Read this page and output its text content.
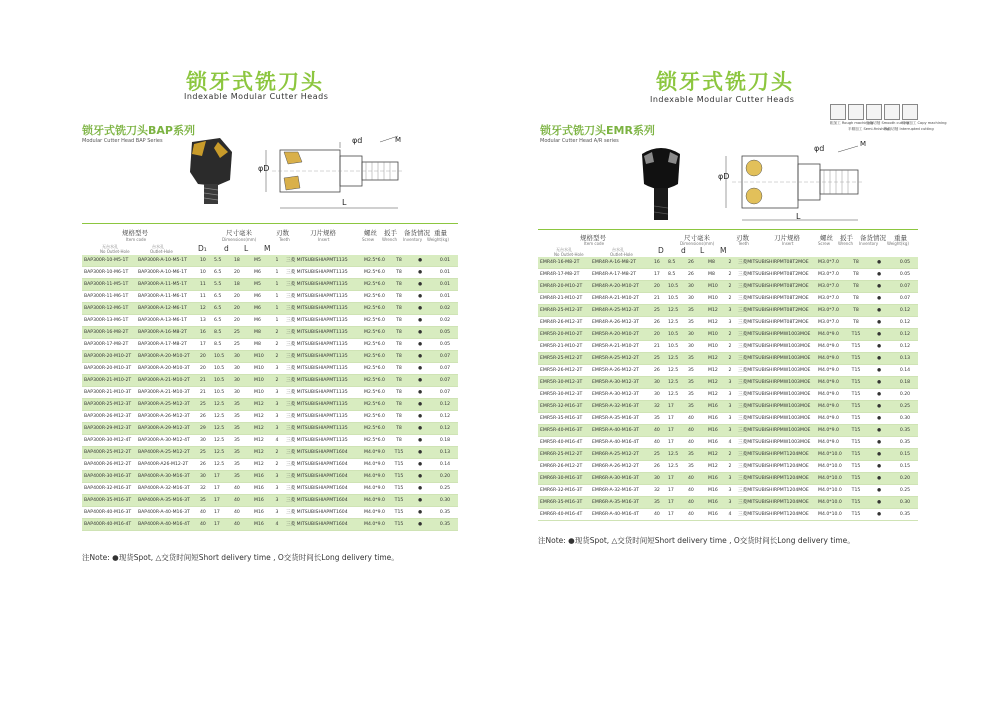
锁牙式铣刀头
Indexable Modular Cutter Heads
锁牙式铣刀头BAP系列
Modular Cutter Head BAP Series	φd	M
φD
L
规格型号
Item code
无台水孔
No Outlet-Hole
台水孔
Outlet-Hole
尺寸毫米
Dimensions(mm)
D₁ d L M
刃数
Teeth
刀片规格
Insert
螺丝
Screw
扳手
Wrench
备货情况
Inventory
重量
Weight(kg)
BAP300R-10-M5-1T	BAP300R-A-10-M5-1T	10	5.5	18	M5	1	三菱 MITSUBISHIAPMT1135	M2.5*6.0	T8	●	0.01
BAP300R-10-M6-1T	BAP300R-A-10-M6-1T	10	6.5	20	M6	1	三菱 MITSUBISHIAPMT1135	M2.5*6.0	T8	●	0.01
BAP300R-11-M5-1T	BAP300R-A-11-M5-1T	11	5.5	18	M5	1	三菱 MITSUBISHIAPMT1135	M2.5*6.0	T8	●	0.01
BAP300R-11-M6-1T	BAP300R-A-11-M6-1T	11	6.5	20	M6	1	三菱 MITSUBISHIAPMT1135	M2.5*6.0	T8	●	0.01
BAP300R-12-M6-1T	BAP300R-A-12-M6-1T	12	6.5	20	M6	1	三菱 MITSUBISHIAPMT1135	M2.5*6.0	T8	●	0.02
BAP300R-13-M6-1T	BAP300R-A-13-M6-1T	13	6.5	20	M6	1	三菱 MITSUBISHIAPMT1135	M2.5*6.0	T8	●	0.02
BAP300R-16-M8-2T	BAP300R-A-16-M8-2T	16	8.5	25	M8	2	三菱 MITSUBISHIAPMT1135	M2.5*6.0	T8	●	0.05
BAP300R-17-M8-2T	BAP300R-A-17-M8-2T	17	8.5	25	M8	2	三菱 MITSUBISHIAPMT1135	M2.5*6.0	T8	●	0.05
BAP300R-20-M10-2T	BAP300R-A-20-M10-2T	20	10.5	30	M10	2	三菱 MITSUBISHIAPMT1135	M2.5*6.0	T8	●	0.07
BAP300R-20-M10-3T	BAP300R-A-20-M10-3T	20	10.5	30	M10	3	三菱 MITSUBISHIAPMT1135	M2.5*6.0	T8	●	0.07
BAP300R-21-M10-2T	BAP300R-A-21-M10-2T	21	10.5	30	M10	2	三菱 MITSUBISHIAPMT1135	M2.5*6.0	T8	●	0.07
BAP300R-21-M10-3T	BAP300R-A-21-M10-3T	21	10.5	30	M10	3	三菱 MITSUBISHIAPMT1135	M2.5*6.0	T8	●	0.07
BAP300R-25-M12-3T	BAP300R-A-25-M12-3T	25	12.5	35	M12	3	三菱 MITSUBISHIAPMT1135	M2.5*6.0	T8	●	0.12
BAP300R-26-M12-3T	BAP300R-A-26-M12-3T	26	12.5	35	M12	3	三菱 MITSUBISHIAPMT1135	M2.5*6.0	T8	●	0.12
BAP300R-29-M12-3T	BAP300R-A-29-M12-3T	29	12.5	35	M12	3	三菱 MITSUBISHIAPMT1135	M2.5*6.0	T8	●	0.12
BAP300R-30-M12-4T	BAP300R-A-30-M12-4T	30	12.5	35	M12	4	三菱 MITSUBISHIAPMT1135	M2.5*6.0	T8	●	0.18
BAP400R-25-M12-2T	BAP400R-A-25-M12-2T	25	12.5	35	M12	2	三菱 MITSUBISHIAPMT1604	M4.0*9.0	T15	●	0.13
BAP400R-26-M12-2T	BAP400R-A26-M12-2T	26	12.5	35	M12	2	三菱 MITSUBISHIAPMT1604	M4.0*9.0	T15	●	0.14
BAP400R-30-M16-3T	BAP400R-A-30-M16-3T	30	17	35	M16	3	三菱 MITSUBISHIAPMT1604	M4.0*9.0	T15	●	0.20
BAP400R-32-M16-3T	BAP400R-A-32-M16-3T	32	17	40	M16	3	三菱 MITSUBISHIAPMT1604	M4.0*9.0	T15	●	0.25
BAP400R-35-M16-3T	BAP400R-A-35-M16-3T	35	17	40	M16	3	三菱 MITSUBISHIAPMT1604	M4.0*9.0	T15	●	0.30
BAP400R-40-M16-3T	BAP400R-A-40-M16-3T	40	17	40	M16	3	三菱 MITSUBISHIAPMT1604	M4.0*9.0	T15	●	0.35
BAP400R-40-M16-4T	BAP400R-A-40-M16-4T	40	17	40	M16	4	三菱 MITSUBISHIAPMT1604	M4.0*9.0	T15	●	0.35
注Note: ●现货Spot, △交货时间短Short delivery time , O交货时间长Long delivery time。
锁牙式铣刀头
Indexable Modular Cutter Heads
锁牙式铣刀头EMR系列
Modular Cutter Head A/R series
φd	M
φD
L
规格型号
Item code
无台水孔
No Outlet-Hole
台水孔
Outlet-Hole
尺寸毫米
Dimensions(mm)
D d L M
刃数
Teeth
刀片规格
Insert
螺丝
Screw
扳手
Wrench
备货情况
Inventory
重量
Weight(kg)
EMR4R-16-M8-2T	EMR4R-A-16-M8-2T	16	8.5	26	M8	2	三菱MITSUBISHIRPMT08T2MOE	M3.0*7.0	T8	●	0.05
EMR4R-17-M8-2T	EMR4R-A-17-M8-2T	17	8.5	26	M8	2	三菱MITSUBISHIRPMT08T2MOE	M3.0*7.0	T8	●	0.05
EMR4R-20-M10-2T	EMR4R-A-20-M10-2T	20	10.5	30	M10	2	三菱MITSUBISHIRPMT08T2MOE	M3.0*7.0	T8	●	0.07
EMR4R-21-M10-2T	EMR4R-A-21-M10-2T	21	10.5	30	M10	2	三菱MITSUBISHIRPMT08T2MOE	M3.0*7.0	T8	●	0.07
EMR4R-25-M12-3T	EMR4R-A-25-M12-3T	25	12.5	35	M12	3	三菱MITSUBISHIRPMT08T2MOE	M3.0*7.0	T8	●	0.12
EMR4R-26-M12-3T	EMR4R-A-26-M12-3T	26	12.5	35	M12	3	三菱MITSUBISHIRPMT08T2MOE	M3.0*7.0	T8	●	0.12
EMR5R-20-M10-2T	EMR5R-A-20-M10-2T	20	10.5	30	M10	2	三菱MITSUBISHIRPMW1003MOE	M4.0*9.0	T15	●	0.12
EMR5R-21-M10-2T	EMR5R-A-21-M10-2T	21	10.5	30	M10	2	三菱MITSUBISHIRPMW1003MOE	M4.0*9.0	T15	●	0.12
EMR5R-25-M12-2T	EMR5R-A-25-M12-2T	25	12.5	35	M12	2	三菱MITSUBISHIRPMW1003MOE	M4.0*9.0	T15	●	0.13
EMR5R-26-M12-2T	EMR5R-A-26-M12-2T	26	12.5	35	M12	2	三菱MITSUBISHIRPMW1003MOE	M4.0*9.0	T15	●	0.14
EMR5R-30-M12-3T	EMR5R-A-30-M12-3T	30	12.5	35	M12	3	三菱MITSUBISHIRPMW1003MOE	M4.0*9.0	T15	●	0.18
EMR5R-30-M12-3T	EMR5R-A-30-M12-3T	30	12.5	35	M12	3	三菱MITSUBISHIRPMW1003MOE	M4.0*9.0	T15	●	0.20
EMR5R-32-M16-3T	EMR5R-A-32-M16-3T	32	17	35	M16	3	三菱MITSUBISHIRPMW1003MOE	M4.0*9.0	T15	●	0.25
EMR5R-35-M16-3T	EMR5R-A-35-M16-3T	35	17	40	M16	3	三菱MITSUBISHIRPMW1003MOE	M4.0*9.0	T15	●	0.30
EMR5R-40-M16-3T	EMR5R-A-40-M16-3T	40	17	40	M16	3	三菱MITSUBISHIRPMW1003MOE	M4.0*9.0	T15	●	0.35
EMR5R-40-M16-4T	EMR5R-A-40-M16-4T	40	17	40	M16	4	三菱MITSUBISHIRPMW1003MOE	M4.0*9.0	T15	●	0.35
EMR6R-25-M12-2T	EMR6R-A-25-M12-2T	25	12.5	35	M12	2	三菱MITSUBISHIRPMT1204MOE	M4.0*10.0	T15	●	0.15
EMR6R-26-M12-2T	EMR6R-A-26-M12-2T	26	12.5	35	M12	2	三菱MITSUBISHIRPMT1204MOE	M4.0*10.0	T15	●	0.15
EMR6R-30-M16-3T	EMR6R-A-30-M16-3T	30	17	40	M16	3	三菱MITSUBISHIRPMT1204MOE	M4.0*10.0	T15	●	0.20
EMR6R-32-M16-3T	EMR6R-A-32-M16-3T	32	17	40	M16	3	三菱MITSUBISHIRPMT1204MOE	M4.0*10.0	T15	●	0.25
EMR6R-35-M16-3T	EMR6R-A-35-M16-3T	35	17	40	M16	3	三菱MITSUBISHIRPMT1204MOE	M4.0*10.0	T15	●	0.30
EMR6R-40-M16-4T	EMR6R-A-40-M16-4T	40	17	40	M16	4	三菱MITSUBISHIRPMT1204MOE	M4.0*10.0	T15	●	0.35
注Note: ●现货Spot, △交货时间短Short delivery time , O交货时间长Long delivery time。
粗加工 Rough machining
半精加工 Semi-finishing
连续切削 Smooth cutting
断续切削 Interrupted cutting
仿形加工 Copy machining
